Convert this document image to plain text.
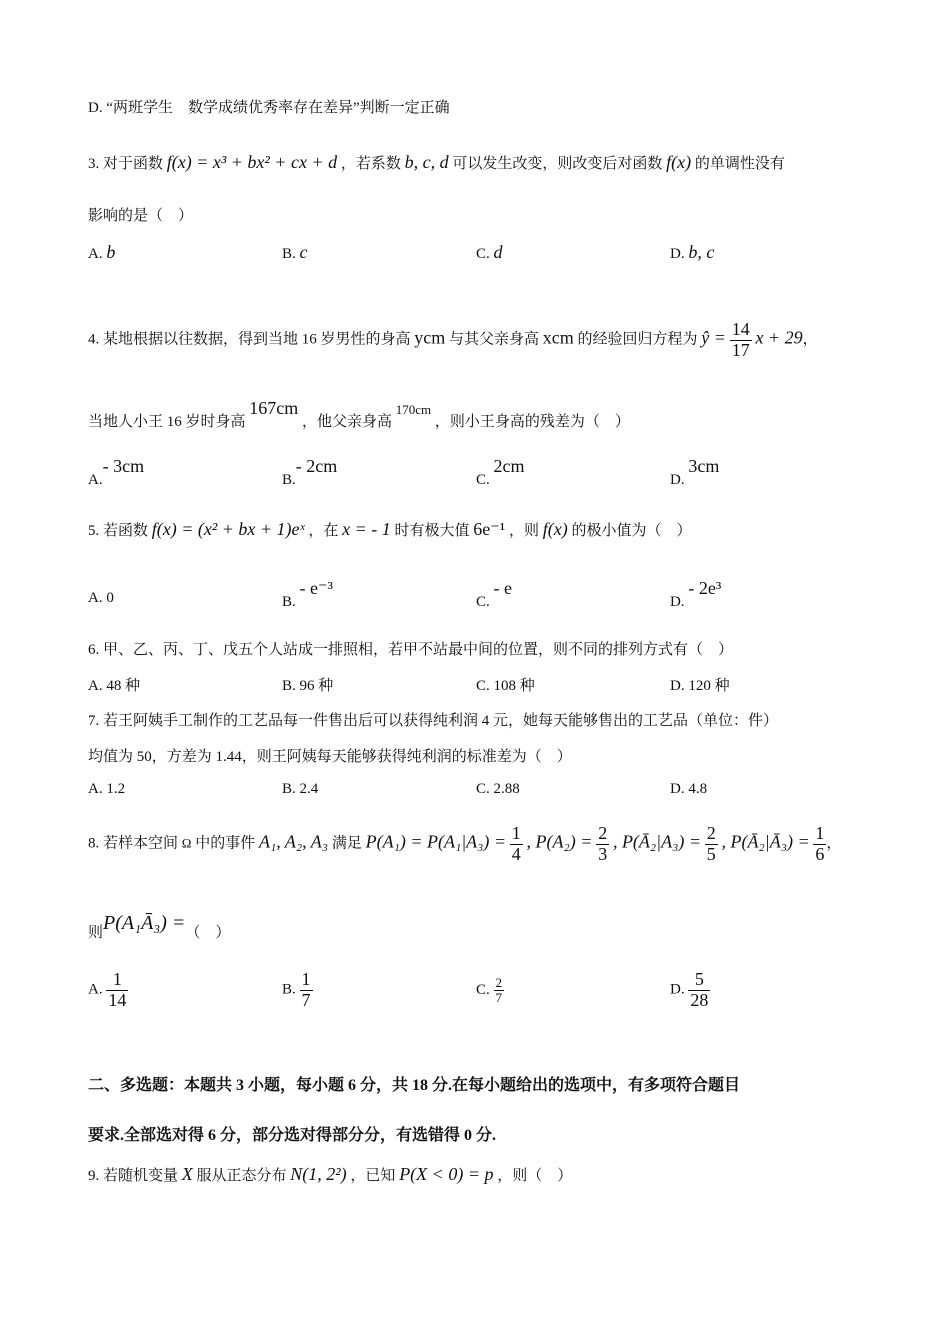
D. “两班学生　数学成绩优秀率存在差异”判断一定正确
3. 对于函数 f(x) = x³ + bx² + cx + d ，若系数 b, c, d 可以发生改变，则改变后对函数 f(x) 的单调性没有
影响的是（　）
A. b	B. c	C. d	D. b, c
4. 某地根据以往数据，得到当地 16 岁男性的身高 ycm 与其父亲身高 xcm 的经验回归方程为 ŷ = $\frac{14}{17}$ x + 29，
当地人小王 16 岁时身高 167cm ，他父亲身高 170cm ，则小王身高的残差为（　）
A.- 3cm
B.- 2cm
C. 2cm
D. 3cm
5. 若函数 f(x) = (x² + bx + 1)eˣ ，在 x = - 1 时有极大值 6e⁻¹ ，则 f(x) 的极小值为（　）
A. 0	B. - e⁻³
C. - e
D. - 2e³
6. 甲、乙、丙、丁、戊五个人站成一排照相，若甲不站最中间的位置，则不同的排列方式有（　）
A. 48 种	B. 96 种	C. 108 种	D. 120 种
7. 若王阿姨手工制作的工艺品每一件售出后可以获得纯利润 4 元，她每天能够售出的工艺品（单位：件）
均值为 50，方差为 1.44，则王阿姨每天能够获得纯利润的标准差为（　）
A. 1.2	B. 2.4	C. 2.88	D. 4.8
8. 若样本空间 Ω 中的事件 A₁, A₂, A₃ 满足 $P(A_1) = P(A_1|A_3) = \frac{1}{4}$ , $P(A_2) = \frac{2}{3}$ , P(Ā₂|A₃) = $\frac{2}{5}$ , P(Ā₂|Ā₃) = $\frac{1}{6}$ ，
则P(A₁Ā₃) =（　）
A. $\frac{1}{14}$	B. $\frac{1}{7}$	C. $\frac{2}{7}$	D. $\frac{5}{28}$
二、多选题：本题共 3 小题，每小题 6 分，共 18 分.在每小题给出的选项中，有多项符合题目
要求.全部选对得 6 分，部分选对得部分分，有选错得 0 分.
9. 若随机变量 X 服从正态分布 N(1, 2²) ，已知 P(X < 0) = p ，则（　）
